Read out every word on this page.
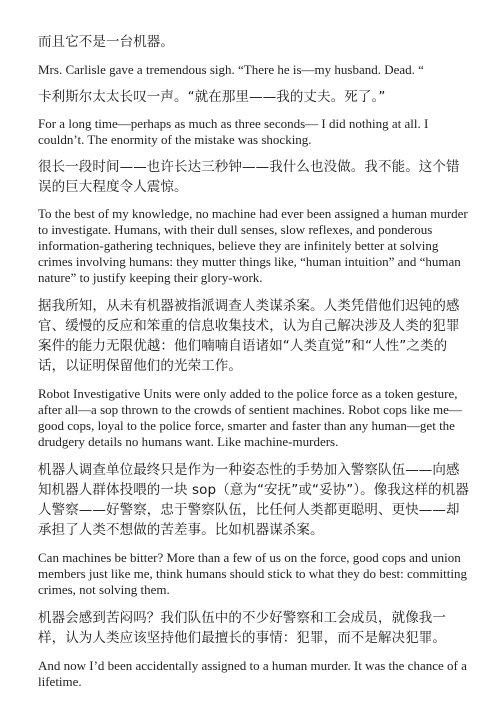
而且它不是一台机器。

Mrs. Carlisle gave a tremendous sigh. “There he is—my husband. Dead. “

卡利斯尔太太长叹一声。“就在那里——我的丈夫。死了。”

For a long time—perhaps as much as three seconds— I did nothing at all. I couldn’t. The enormity of the mistake was shocking.

很长一段时间——也许长达三秒钟——我什么也没做。我不能。这个错误的巨大程度令人震惊。

To the best of my knowledge, no machine had ever been assigned a human murder to investigate. Humans, with their dull senses, slow reflexes, and ponderous information-gathering techniques, believe they are infinitely better at solving crimes involving humans: they mutter things like, “human intuition” and “human nature” to justify keeping their glory-work.

据我所知，从未有机器被指派调查人类谋杀案。人类凭借他们迟钝的感官、缓慢的反应和笨重的信息收集技术，认为自己解决涉及人类的犯罪案件的能力无限优越：他们喃喃自语诸如“人类直觉”和“人性”之类的话，以证明保留他们的光荣工作。

Robot Investigative Units were only added to the police force as a token gesture, after all—a sop thrown to the crowds of sentient machines. Robot cops like me—good cops, loyal to the police force, smarter and faster than any human—get the drudgery details no humans want. Like machine-murders.

机器人调查单位最终只是作为一种姿态性的手势加入警察队伍——向感知机器人群体投喂的一块 sop（意为“安抚”或“妥协”）。像我这样的机器人警察——好警察，忠于警察队伍，比任何人类都更聪明、更快——却承担了人类不想做的苦差事。比如机器谋杀案。

Can machines be bitter? More than a few of us on the force, good cops and union members just like me, think humans should stick to what they do best: committing crimes, not solving them.

机器会感到苦闷吗？我们队伍中的不少好警察和工会成员，就像我一样，认为人类应该坚持他们最擅长的事情：犯罪，而不是解决犯罪。

And now I’d been accidentally assigned to a human murder. It was the chance of a lifetime.
